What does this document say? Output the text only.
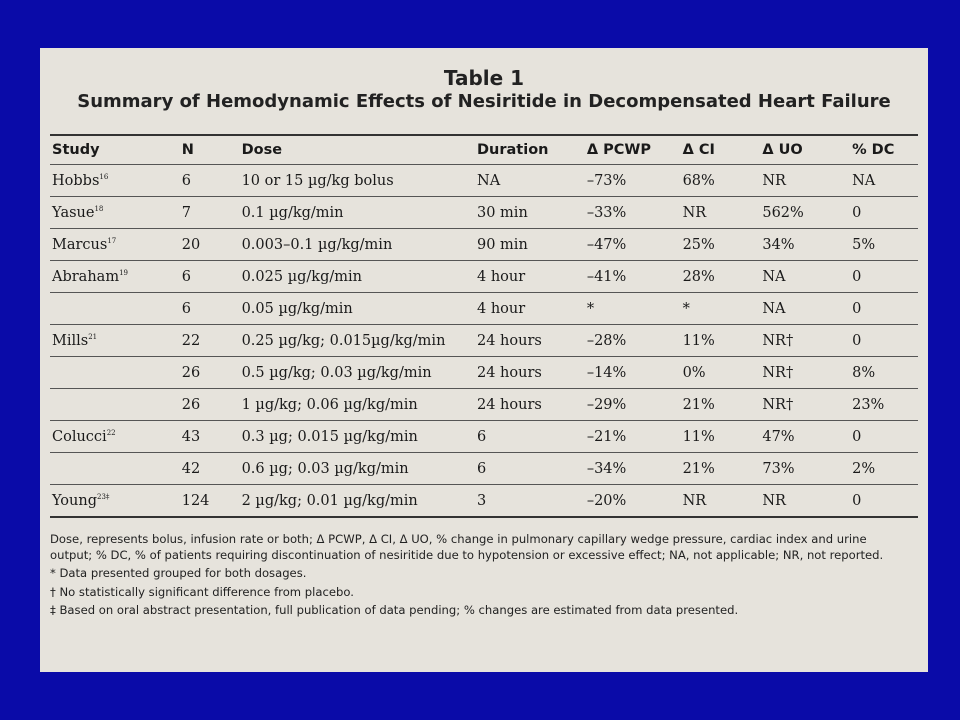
Table 1
Summary of Hemodynamic Effects of Nesiritide in Decompensated Heart Failure
Study	N	Dose	Duration	Δ PCWP	Δ CI	Δ UO	% DC
Hobbs$^{16}$	6	10 or 15 µg/kg bolus	NA	–73%	68%	NR	NA
Yasue$^{18}$	7	0.1 µg/kg/min	30 min	–33%	NR	562%	0
Marcus$^{17}$	20	0.003–0.1 µg/kg/min	90 min	–47%	25%	34%	5%
Abraham$^{19}$	6	0.025 µg/kg/min	4 hour	–41%	28%	NA	0
	6	0.05 µg/kg/min	4 hour	*	*	NA	0
Mills$^{21}$	22	0.25 µg/kg; 0.015µg/kg/min	24 hours	–28%	11%	NR†	0
	26	0.5 µg/kg; 0.03 µg/kg/min	24 hours	–14%	0%	NR†	8%
	26	1 µg/kg; 0.06 µg/kg/min	24 hours	–29%	21%	NR†	23%
Colucci$^{22}$	43	0.3 µg; 0.015 µg/kg/min	6	–21%	11%	47%	0
	42	0.6 µg; 0.03 µg/kg/min	6	–34%	21%	73%	2%
Young$^{23\ddagger}$	124	2 µg/kg; 0.01 µg/kg/min	3	–20%	NR	NR	0

Dose, represents bolus, infusion rate or both; Δ PCWP, Δ CI, Δ UO, % change in pulmonary capillary wedge pressure, cardiac index and urine output; % DC, % of patients requiring discontinuation of nesiritide due to hypotension or excessive effect; NA, not applicable; NR, not reported.

* Data presented grouped for both dosages.

† No statistically significant difference from placebo.

‡ Based on oral abstract presentation, full publication of data pending; % changes are estimated from data presented.
